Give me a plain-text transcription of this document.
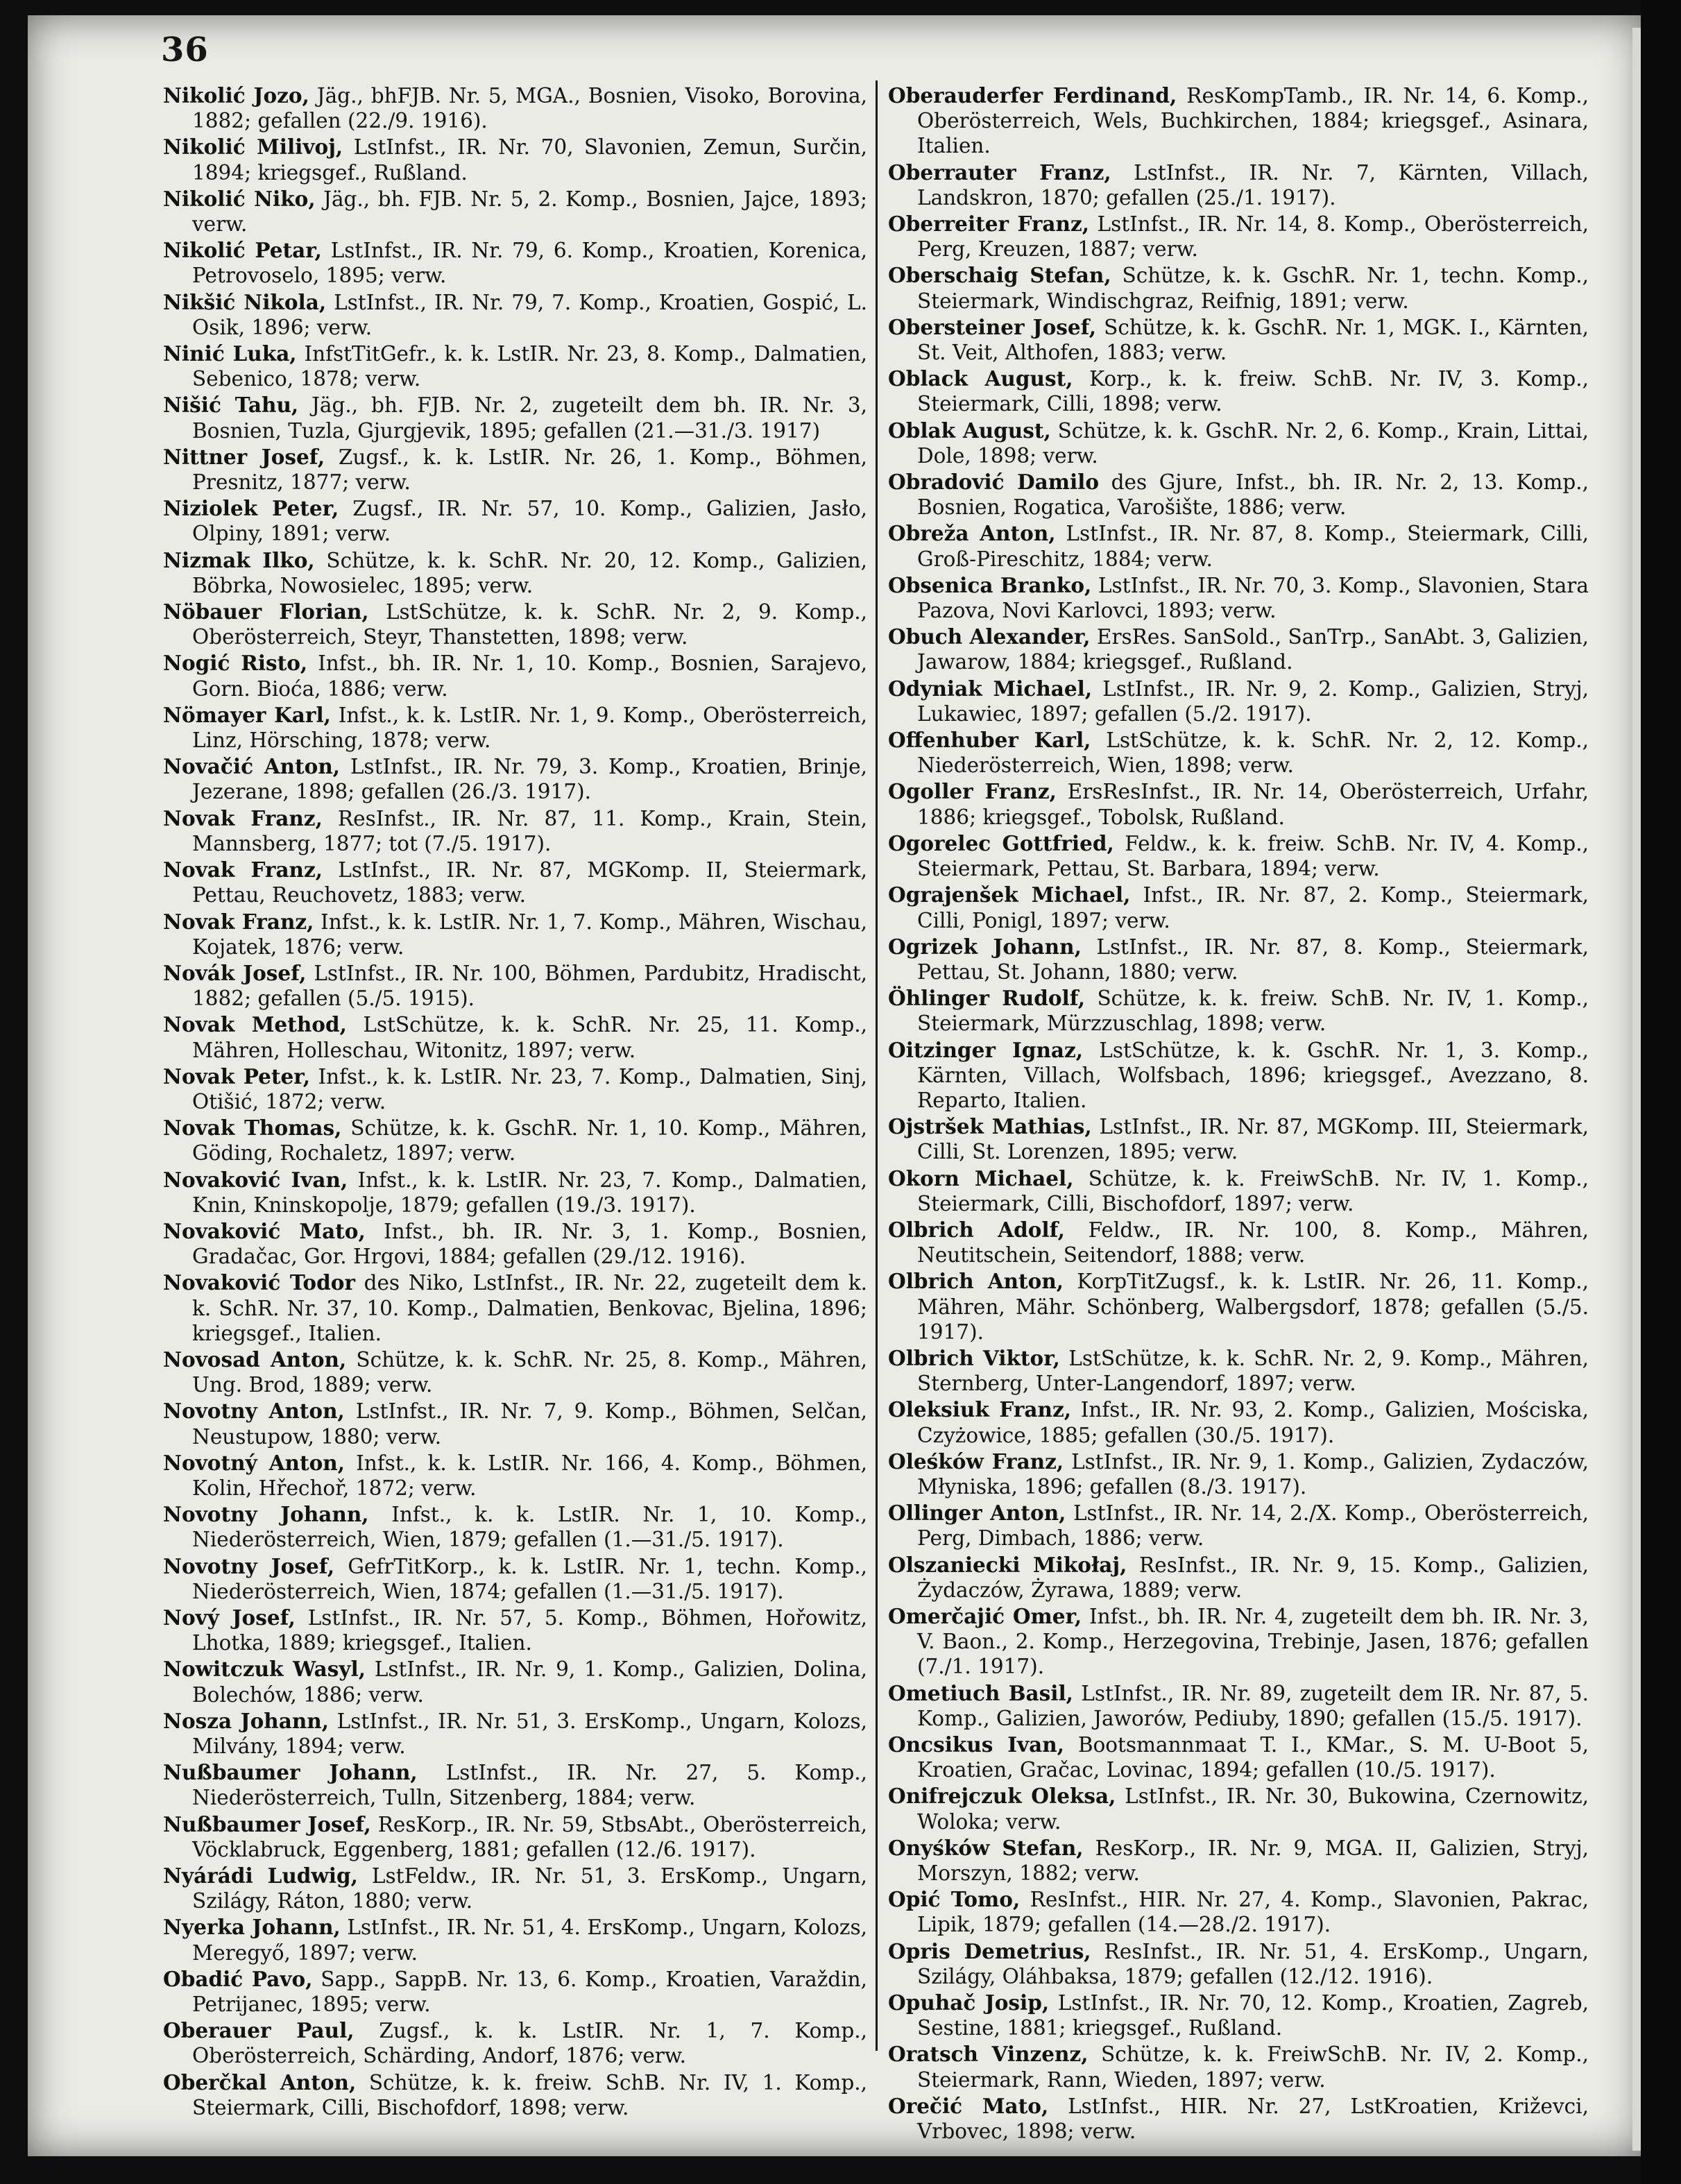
36

Nikolić Jozo, Jäg., bhFJB. Nr. 5, MGA., Bosnien, Visoko, Borovina, 1882; gefallen (22./9. 1916).

Nikolić Milivoj, LstInfst., IR. Nr. 70, Slavonien, Zemun, Surčin, 1894; kriegsgef., Rußland.

Nikolić Niko, Jäg., bh. FJB. Nr. 5, 2. Komp., Bosnien, Jajce, 1893; verw.

Nikolić Petar, LstInfst., IR. Nr. 79, 6. Komp., Kroatien, Korenica, Petrovoselo, 1895; verw.

Nikšić Nikola, LstInfst., IR. Nr. 79, 7. Komp., Kroatien, Gospić, L. Osik, 1896; verw.

Ninić Luka, InfstTitGefr., k. k. LstIR. Nr. 23, 8. Komp., Dalmatien, Sebenico, 1878; verw.

Nišić Tahu, Jäg., bh. FJB. Nr. 2, zugeteilt dem bh. IR. Nr. 3, Bosnien, Tuzla, Gjurgjevik, 1895; gefallen (21.—31./3. 1917)

Nittner Josef, Zugsf., k. k. LstIR. Nr. 26, 1. Komp., Böhmen, Presnitz, 1877; verw.

Niziolek Peter, Zugsf., IR. Nr. 57, 10. Komp., Galizien, Jasło, Olpiny, 1891; verw.

Nizmak Ilko, Schütze, k. k. SchR. Nr. 20, 12. Komp., Galizien, Böbrka, Nowosielec, 1895; verw.

Nöbauer Florian, LstSchütze, k. k. SchR. Nr. 2, 9. Komp., Oberösterreich, Steyr, Thanstetten, 1898; verw.

Nogić Risto, Infst., bh. IR. Nr. 1, 10. Komp., Bosnien, Sarajevo, Gorn. Bioća, 1886; verw.

Nömayer Karl, Infst., k. k. LstIR. Nr. 1, 9. Komp., Oberösterreich, Linz, Hörsching, 1878; verw.

Novačić Anton, LstInfst., IR. Nr. 79, 3. Komp., Kroatien, Brinje, Jezerane, 1898; gefallen (26./3. 1917).

Novak Franz, ResInfst., IR. Nr. 87, 11. Komp., Krain, Stein, Mannsberg, 1877; tot (7./5. 1917).

Novak Franz, LstInfst., IR. Nr. 87, MGKomp. II, Steiermark, Pettau, Reuchovetz, 1883; verw.

Novak Franz, Infst., k. k. LstIR. Nr. 1, 7. Komp., Mähren, Wischau, Kojatek, 1876; verw.

Novák Josef, LstInfst., IR. Nr. 100, Böhmen, Pardubitz, Hradischt, 1882; gefallen (5./5. 1915).

Novak Method, LstSchütze, k. k. SchR. Nr. 25, 11. Komp., Mähren, Holleschau, Witonitz, 1897; verw.

Novak Peter, Infst., k. k. LstIR. Nr. 23, 7. Komp., Dalmatien, Sinj, Otišić, 1872; verw.

Novak Thomas, Schütze, k. k. GschR. Nr. 1, 10. Komp., Mähren, Göding, Rochaletz, 1897; verw.

Novaković Ivan, Infst., k. k. LstIR. Nr. 23, 7. Komp., Dalmatien, Knin, Kninskopolje, 1879; gefallen (19./3. 1917).

Novaković Mato, Infst., bh. IR. Nr. 3, 1. Komp., Bosnien, Gradačac, Gor. Hrgovi, 1884; gefallen (29./12. 1916).

Novaković Todor des Niko, LstInfst., IR. Nr. 22, zugeteilt dem k. k. SchR. Nr. 37, 10. Komp., Dalmatien, Benkovac, Bjelina, 1896; kriegsgef., Italien.

Novosad Anton, Schütze, k. k. SchR. Nr. 25, 8. Komp., Mähren, Ung. Brod, 1889; verw.

Novotny Anton, LstInfst., IR. Nr. 7, 9. Komp., Böhmen, Selčan, Neustupow, 1880; verw.

Novotný Anton, Infst., k. k. LstIR. Nr. 166, 4. Komp., Böhmen, Kolin, Hřechoř, 1872; verw.

Novotny Johann, Infst., k. k. LstIR. Nr. 1, 10. Komp., Niederösterreich, Wien, 1879; gefallen (1.—31./5. 1917).

Novotny Josef, GefrTitKorp., k. k. LstIR. Nr. 1, techn. Komp., Niederösterreich, Wien, 1874; gefallen (1.—31./5. 1917).

Nový Josef, LstInfst., IR. Nr. 57, 5. Komp., Böhmen, Hořowitz, Lhotka, 1889; kriegsgef., Italien.

Nowitczuk Wasyl, LstInfst., IR. Nr. 9, 1. Komp., Galizien, Dolina, Bolechów, 1886; verw.

Nosza Johann, LstInfst., IR. Nr. 51, 3. ErsKomp., Ungarn, Kolozs, Milvány, 1894; verw.

Nußbaumer Johann, LstInfst., IR. Nr. 27, 5. Komp., Niederösterreich, Tulln, Sitzenberg, 1884; verw.

Nußbaumer Josef, ResKorp., IR. Nr. 59, StbsAbt., Oberösterreich, Vöcklabruck, Eggenberg, 1881; gefallen (12./6. 1917).

Nyárádi Ludwig, LstFeldw., IR. Nr. 51, 3. ErsKomp., Ungarn, Szilágy, Ráton, 1880; verw.

Nyerka Johann, LstInfst., IR. Nr. 51, 4. ErsKomp., Ungarn, Kolozs, Meregyő, 1897; verw.

Obadić Pavo, Sapp., SappB. Nr. 13, 6. Komp., Kroatien, Varaždin, Petrijanec, 1895; verw.

Oberauer Paul, Zugsf., k. k. LstIR. Nr. 1, 7. Komp., Oberösterreich, Schärding, Andorf, 1876; verw.

Oberčkal Anton, Schütze, k. k. freiw. SchB. Nr. IV, 1. Komp., Steiermark, Cilli, Bischofdorf, 1898; verw.

Oberauderfer Ferdinand, ResKompTamb., IR. Nr. 14, 6. Komp., Oberösterreich, Wels, Buchkirchen, 1884; kriegsgef., Asinara, Italien.

Oberrauter Franz, LstInfst., IR. Nr. 7, Kärnten, Villach, Landskron, 1870; gefallen (25./1. 1917).

Oberreiter Franz, LstInfst., IR. Nr. 14, 8. Komp., Oberösterreich, Perg, Kreuzen, 1887; verw.

Oberschaig Stefan, Schütze, k. k. GschR. Nr. 1, techn. Komp., Steiermark, Windischgraz, Reifnig, 1891; verw.

Obersteiner Josef, Schütze, k. k. GschR. Nr. 1, MGK. I., Kärnten, St. Veit, Althofen, 1883; verw.

Oblack August, Korp., k. k. freiw. SchB. Nr. IV, 3. Komp., Steiermark, Cilli, 1898; verw.

Oblak August, Schütze, k. k. GschR. Nr. 2, 6. Komp., Krain, Littai, Dole, 1898; verw.

Obradović Damilo des Gjure, Infst., bh. IR. Nr. 2, 13. Komp., Bosnien, Rogatica, Varošište, 1886; verw.

Obreža Anton, LstInfst., IR. Nr. 87, 8. Komp., Steiermark, Cilli, Groß-Pireschitz, 1884; verw.

Obsenica Branko, LstInfst., IR. Nr. 70, 3. Komp., Slavonien, Stara Pazova, Novi Karlovci, 1893; verw.

Obuch Alexander, ErsRes. SanSold., SanTrp., SanAbt. 3, Galizien, Jawarow, 1884; kriegsgef., Rußland.

Odyniak Michael, LstInfst., IR. Nr. 9, 2. Komp., Galizien, Stryj, Lukawiec, 1897; gefallen (5./2. 1917).

Offenhuber Karl, LstSchütze, k. k. SchR. Nr. 2, 12. Komp., Niederösterreich, Wien, 1898; verw.

Ogoller Franz, ErsResInfst., IR. Nr. 14, Oberösterreich, Urfahr, 1886; kriegsgef., Tobolsk, Rußland.

Ogorelec Gottfried, Feldw., k. k. freiw. SchB. Nr. IV, 4. Komp., Steiermark, Pettau, St. Barbara, 1894; verw.

Ograjenšek Michael, Infst., IR. Nr. 87, 2. Komp., Steiermark, Cilli, Ponigl, 1897; verw.

Ogrizek Johann, LstInfst., IR. Nr. 87, 8. Komp., Steiermark, Pettau, St. Johann, 1880; verw.

Öhlinger Rudolf, Schütze, k. k. freiw. SchB. Nr. IV, 1. Komp., Steiermark, Mürzzuschlag, 1898; verw.

Oitzinger Ignaz, LstSchütze, k. k. GschR. Nr. 1, 3. Komp., Kärnten, Villach, Wolfsbach, 1896; kriegsgef., Avezzano, 8. Reparto, Italien.

Ojstršek Mathias, LstInfst., IR. Nr. 87, MGKomp. III, Steiermark, Cilli, St. Lorenzen, 1895; verw.

Okorn Michael, Schütze, k. k. FreiwSchB. Nr. IV, 1. Komp., Steiermark, Cilli, Bischofdorf, 1897; verw.

Olbrich Adolf, Feldw., IR. Nr. 100, 8. Komp., Mähren, Neutitschein, Seitendorf, 1888; verw.

Olbrich Anton, KorpTitZugsf., k. k. LstIR. Nr. 26, 11. Komp., Mähren, Mähr. Schönberg, Walbergsdorf, 1878; gefallen (5./5. 1917).

Olbrich Viktor, LstSchütze, k. k. SchR. Nr. 2, 9. Komp., Mähren, Sternberg, Unter-Langendorf, 1897; verw.

Oleksiuk Franz, Infst., IR. Nr. 93, 2. Komp., Galizien, Mościska, Czyżowice, 1885; gefallen (30./5. 1917).

Oleśków Franz, LstInfst., IR. Nr. 9, 1. Komp., Galizien, Zydaczów, Młyniska, 1896; gefallen (8./3. 1917).

Ollinger Anton, LstInfst., IR. Nr. 14, 2./X. Komp., Oberösterreich, Perg, Dimbach, 1886; verw.

Olszaniecki Mikołaj, ResInfst., IR. Nr. 9, 15. Komp., Galizien, Żydaczów, Żyrawa, 1889; verw.

Omerčajić Omer, Infst., bh. IR. Nr. 4, zugeteilt dem bh. IR. Nr. 3, V. Baon., 2. Komp., Herzegovina, Trebinje, Jasen, 1876; gefallen (7./1. 1917).

Ometiuch Basil, LstInfst., IR. Nr. 89, zugeteilt dem IR. Nr. 87, 5. Komp., Galizien, Jaworów, Pediuby, 1890; gefallen (15./5. 1917).

Oncsikus Ivan, Bootsmannmaat T. I., KMar., S. M. U-Boot 5, Kroatien, Gračac, Lovinac, 1894; gefallen (10./5. 1917).

Onifrejczuk Oleksa, LstInfst., IR. Nr. 30, Bukowina, Czernowitz, Woloka; verw.

Onyśków Stefan, ResKorp., IR. Nr. 9, MGA. II, Galizien, Stryj, Morszyn, 1882; verw.

Opić Tomo, ResInfst., HIR. Nr. 27, 4. Komp., Slavonien, Pakrac, Lipik, 1879; gefallen (14.—28./2. 1917).

Opris Demetrius, ResInfst., IR. Nr. 51, 4. ErsKomp., Ungarn, Szilágy, Oláhbaksa, 1879; gefallen (12./12. 1916).

Opuhač Josip, LstInfst., IR. Nr. 70, 12. Komp., Kroatien, Zagreb, Sestine, 1881; kriegsgef., Rußland.

Oratsch Vinzenz, Schütze, k. k. FreiwSchB. Nr. IV, 2. Komp., Steiermark, Rann, Wieden, 1897; verw.

Orečić Mato, LstInfst., HIR. Nr. 27, LstKroatien, Križevci, Vrbovec, 1898; verw.
